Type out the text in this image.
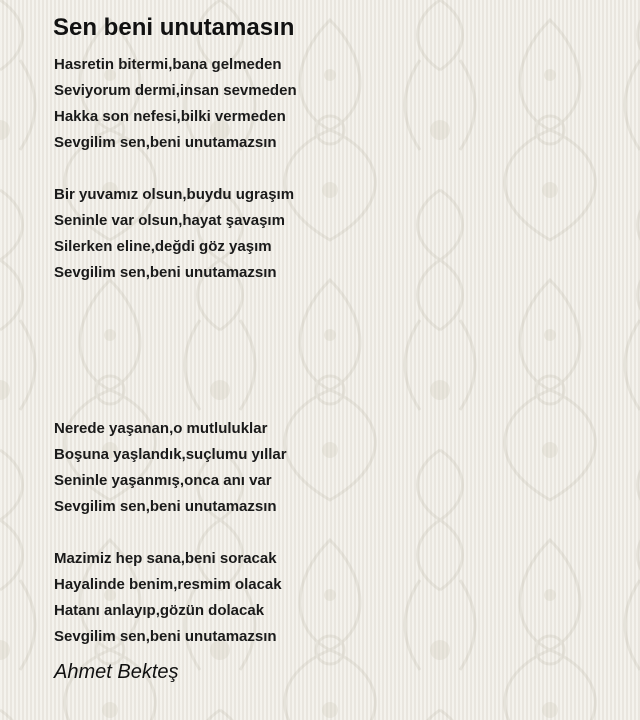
Sen beni unutamasın
Hasretin bitermi,bana gelmeden
Seviyorum dermi,insan sevmeden
Hakka son nefesi,bilki vermeden
Sevgilim sen,beni unutamazsın
Bir yuvamız olsun,buydu ugraşım
Seninle var olsun,hayat şavaşım
Silerken eline,değdi göz yaşım
Sevgilim sen,beni unutamazsın
Nerede yaşanan,o mutluluklar
Boşuna yaşlandık,suçlumu yıllar
Seninle yaşanmış,onca anı var
Sevgilim sen,beni unutamazsın
Mazimiz hep sana,beni soracak
Hayalinde benim,resmim olacak
Hatanı anlayıp,gözün dolacak
Sevgilim sen,beni unutamazsın
Ahmet Bekteş
